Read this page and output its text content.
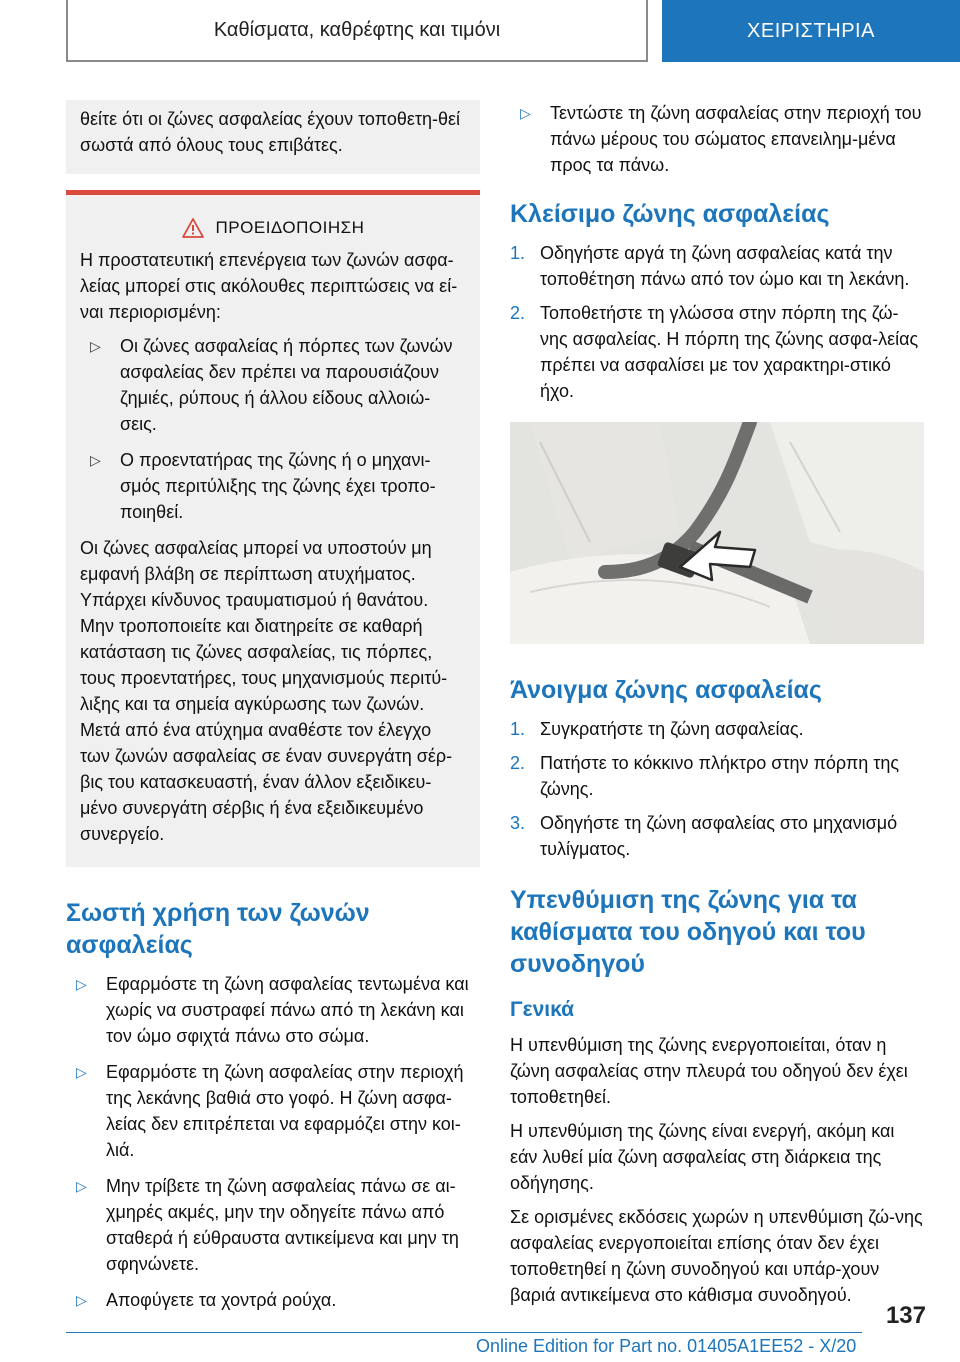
Καθίσματα, καθρέφτης και τιμόνι	ΧΕΙΡΙΣΤΗΡΙΑ
θείτε ότι οι ζώνες ασφαλείας έχουν τοποθετη-θεί σωστά από όλους τους επιβάτες.
ΠΡΟΕΙΔΟΠΟΙΗΣΗ

Η προστατευτική επενέργεια των ζωνών ασφα-λείας μπορεί στις ακόλουθες περιπτώσεις να εί-ναι περιορισμένη:

▷ Οι ζώνες ασφαλείας ή πόρπες των ζωνών ασφαλείας δεν πρέπει να παρουσιάζουν ζημιές, ρύπους ή άλλου είδους αλλοιώ-σεις.
▷ Ο προεντατήρας της ζώνης ή ο μηχανι-σμός περιτύλιξης της ζώνης έχει τροπο-ποιηθεί.

Οι ζώνες ασφαλείας μπορεί να υποστούν μη εμφανή βλάβη σε περίπτωση ατυχήματος. Υπάρχει κίνδυνος τραυματισμού ή θανάτου. Μην τροποποιείτε και διατηρείτε σε καθαρή κατάσταση τις ζώνες ασφαλείας, τις πόρπες, τους προεντατήρες, τους μηχανισμούς περιτύ-λιξης και τα σημεία αγκύρωσης των ζωνών. Μετά από ένα ατύχημα αναθέστε τον έλεγχο των ζωνών ασφαλείας σε έναν συνεργάτη σέρ-βις του κατασκευαστή, έναν άλλον εξειδικευ-μένο συνεργάτη σέρβις ή ένα εξειδικευμένο συνεργείο.

Σωστή χρήση των ζωνών ασφαλείας
▷ Εφαρμόστε τη ζώνη ασφαλείας τεντωμένα και χωρίς να συστραφεί πάνω από τη λεκάνη και τον ώμο σφιχτά πάνω στο σώμα.
▷ Εφαρμόστε τη ζώνη ασφαλείας στην περιοχή της λεκάνης βαθιά στο γοφό. Η ζώνη ασφα-λείας δεν επιτρέπεται να εφαρμόζει στην κοι-λιά.
▷ Μην τρίβετε τη ζώνη ασφαλείας πάνω σε αι-χμηρές ακμές, μην την οδηγείτε πάνω από σταθερά ή εύθραυστα αντικείμενα και μην τη σφηνώνετε.
▷ Αποφύγετε τα χοντρά ρούχα.
▷ Τεντώστε τη ζώνη ασφαλείας στην περιοχή του πάνω μέρους του σώματος επανειλημ-μένα προς τα πάνω.
Κλείσιμο ζώνης ασφαλείας
1. Οδηγήστε αργά τη ζώνη ασφαλείας κατά την τοποθέτηση πάνω από τον ώμο και τη λεκάνη.
2. Τοποθετήστε τη γλώσσα στην πόρπη της ζώ-νης ασφαλείας. Η πόρπη της ζώνης ασφα-λείας πρέπει να ασφαλίσει με τον χαρακτηρι-στικό ήχο.
Άνοιγμα ζώνης ασφαλείας
1. Συγκρατήστε τη ζώνη ασφαλείας.
2. Πατήστε το κόκκινο πλήκτρο στην πόρπη της ζώνης.
3. Οδηγήστε τη ζώνη ασφαλείας στο μηχανισμό τυλίγματος.
Υπενθύμιση της ζώνης για τα καθίσματα του οδηγού και του συνοδηγού
Γενικά

Η υπενθύμιση της ζώνης ενεργοποιείται, όταν η ζώνη ασφαλείας στην πλευρά του οδηγού δεν έχει τοποθετηθεί.

Η υπενθύμιση της ζώνης είναι ενεργή, ακόμη και εάν λυθεί μία ζώνη ασφαλείας στη διάρκεια της οδήγησης.

Σε ορισμένες εκδόσεις χωρών η υπενθύμιση ζώ-νης ασφαλείας ενεργοποιείται επίσης όταν δεν έχει τοποθετηθεί η ζώνη συνοδηγού και υπάρ-χουν βαριά αντικείμενα στο κάθισμα συνοδηγού.

137
Online Edition for Part no. 01405A1EE52 - X/20
